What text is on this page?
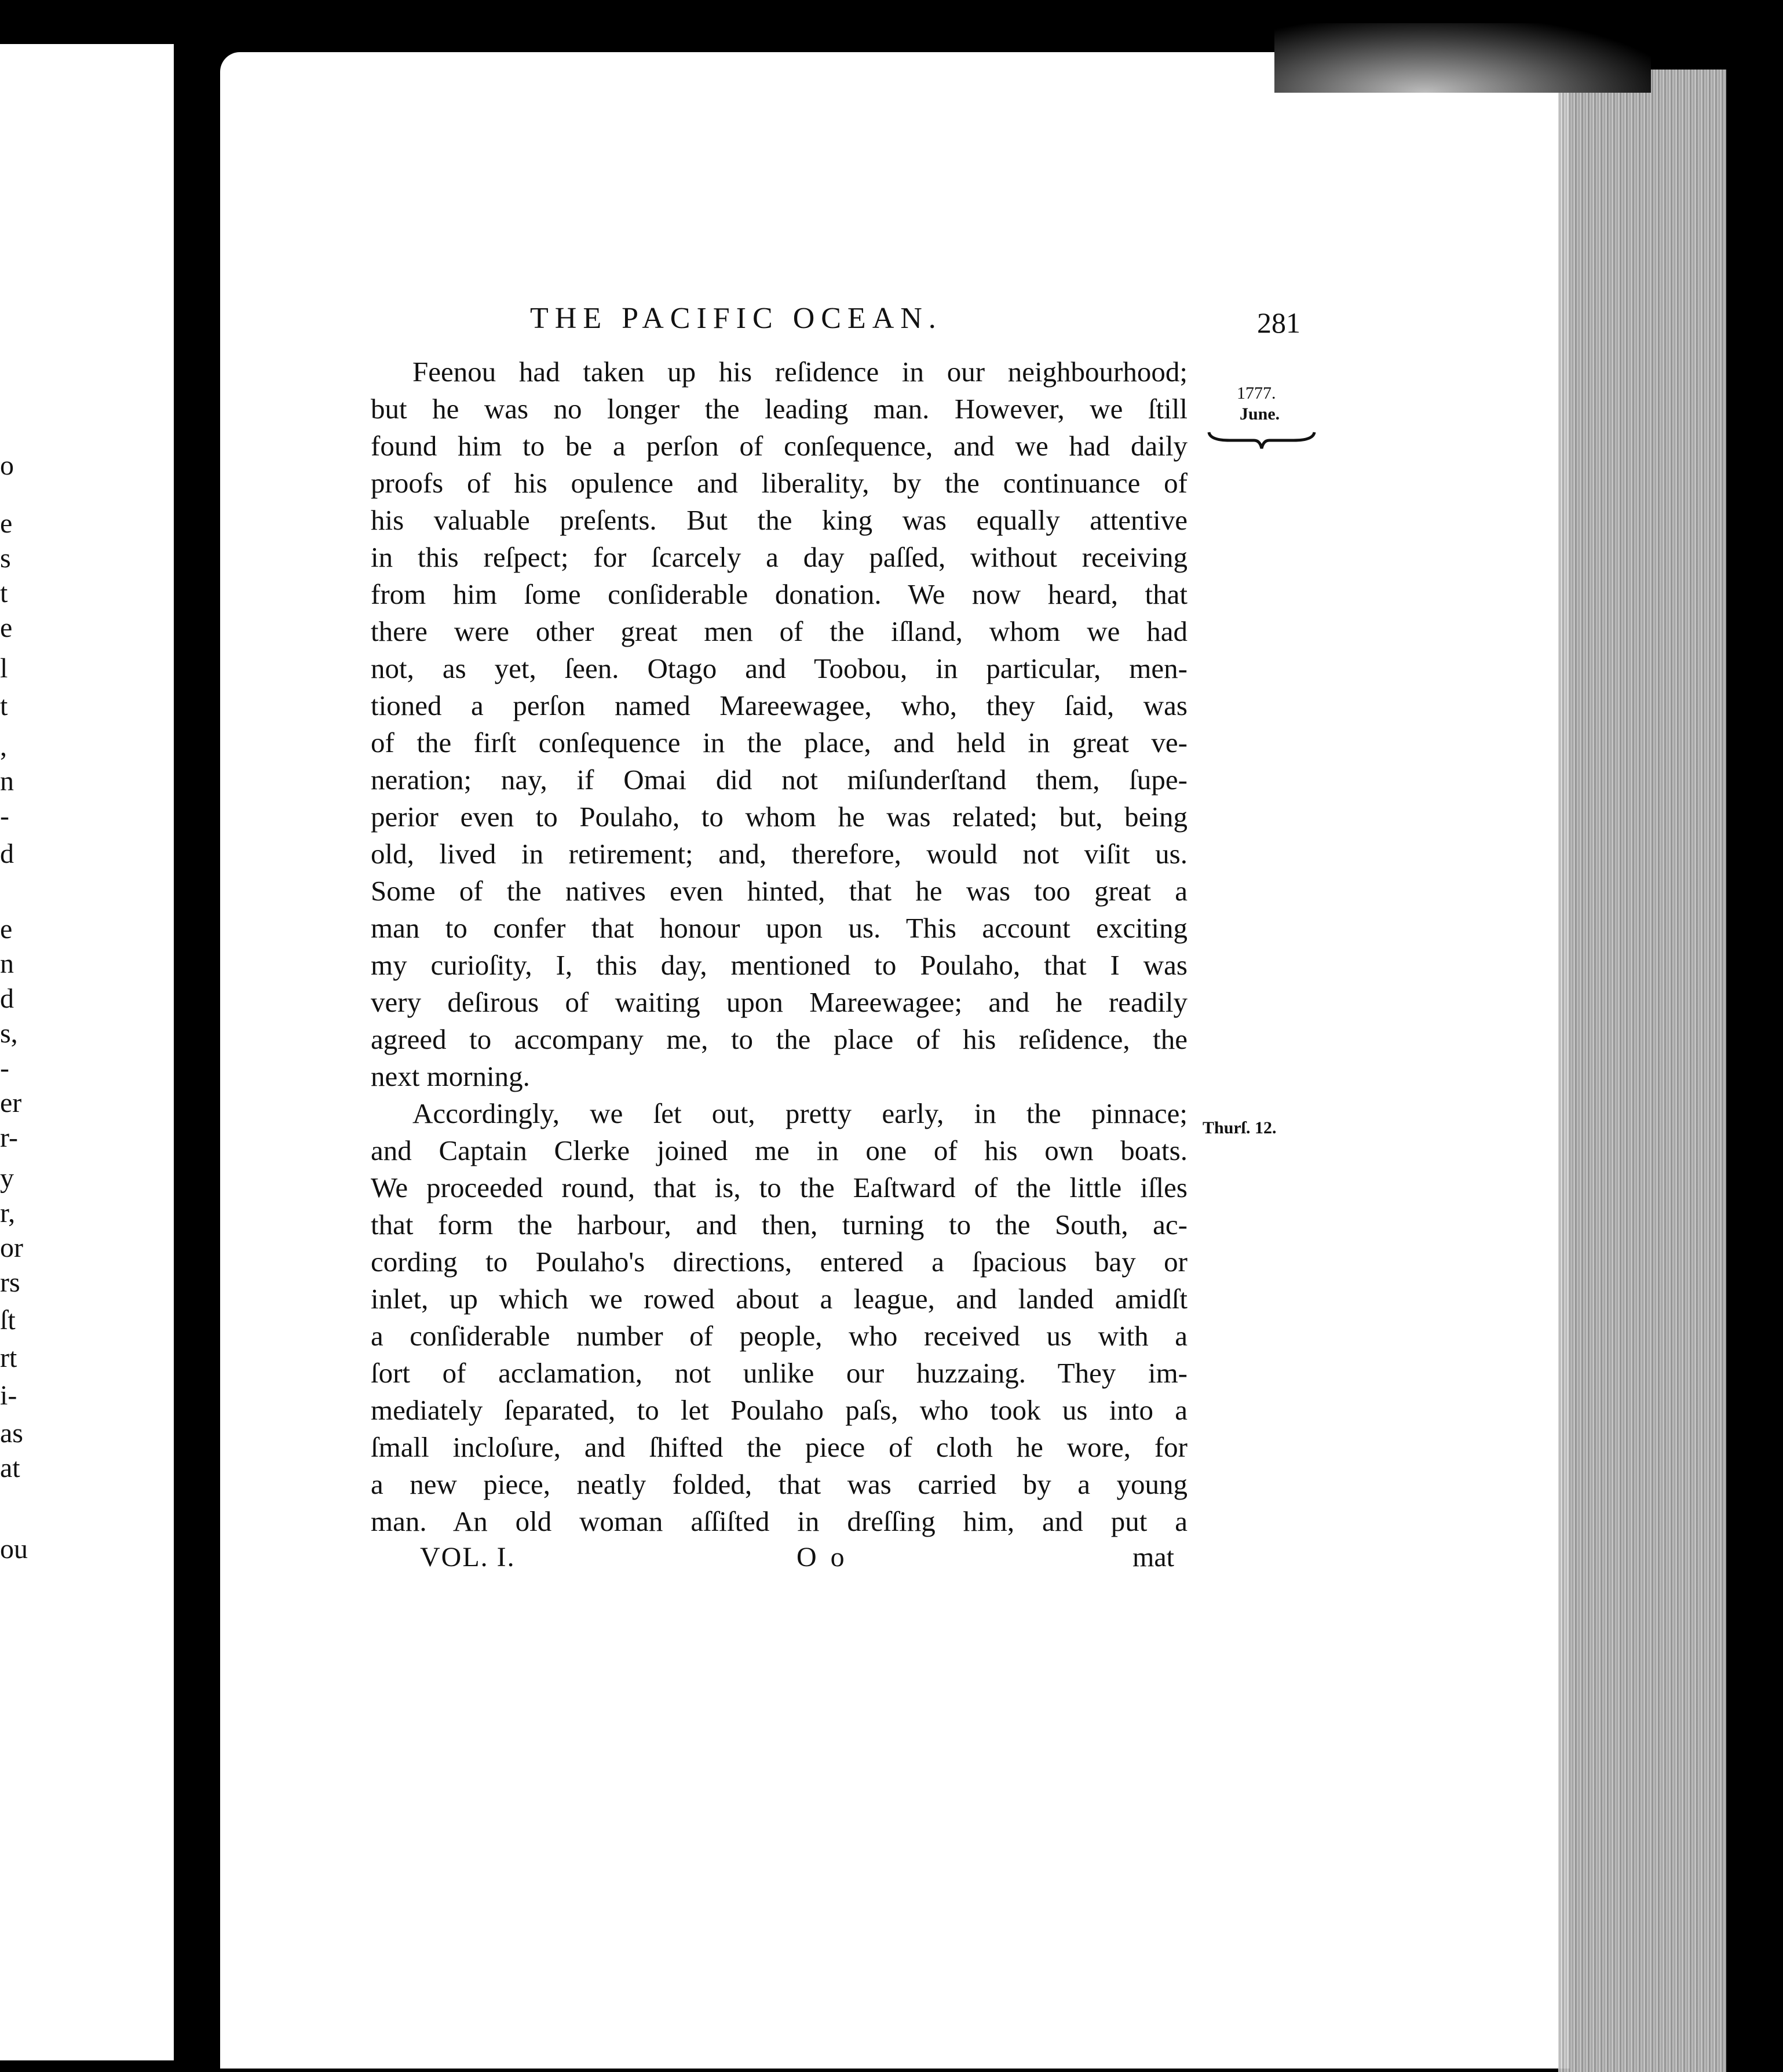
o
e
s
t
e
l
t
,
n
-
d
e
n
d
s,
-
er
r-
y
r,
or
rs
ſt
rt
i-
as
at
ou
THE PACIFIC OCEAN.	281
1777.
June.
Thurſ. 12.
Feenou had taken up his reſidence in our neighbourhood;
but he was no longer the leading man. However, we ſtill
found him to be a perſon of conſequence, and we had daily
proofs of his opulence and liberality, by the continuance of
his valuable preſents. But the king was equally attentive
in this reſpect; for ſcarcely a day paſſed, without receiving
from him ſome conſiderable donation. We now heard, that
there were other great men of the iſland, whom we had
not, as yet, ſeen. Otago and Toobou, in particular, men-
tioned a perſon named Mareewagee, who, they ſaid, was
of the firſt conſequence in the place, and held in great ve-
neration; nay, if Omai did not miſunderſtand them, ſupe-
perior even to Poulaho, to whom he was related; but, being
old, lived in retirement; and, therefore, would not viſit us.
Some of the natives even hinted, that he was too great a
man to confer that honour upon us. This account exciting
my curioſity, I, this day, mentioned to Poulaho, that I was
very deſirous of waiting upon Mareewagee; and he readily
agreed to accompany me, to the place of his reſidence, the
next morning.
Accordingly, we ſet out, pretty early, in the pinnace;
and Captain Clerke joined me in one of his own boats.
We proceeded round, that is, to the Eaſtward of the little iſles
that form the harbour, and then, turning to the South, ac-
cording to Poulaho's directions, entered a ſpacious bay or
inlet, up which we rowed about a league, and landed amidſt
a conſiderable number of people, who received us with a
ſort of acclamation, not unlike our huzzaing. They im-
mediately ſeparated, to let Poulaho paſs, who took us into a
ſmall incloſure, and ſhifted the piece of cloth he wore, for
a new piece, neatly folded, that was carried by a young
man. An old woman aſſiſted in dreſſing him, and put a
VOL. I.	O o	mat
